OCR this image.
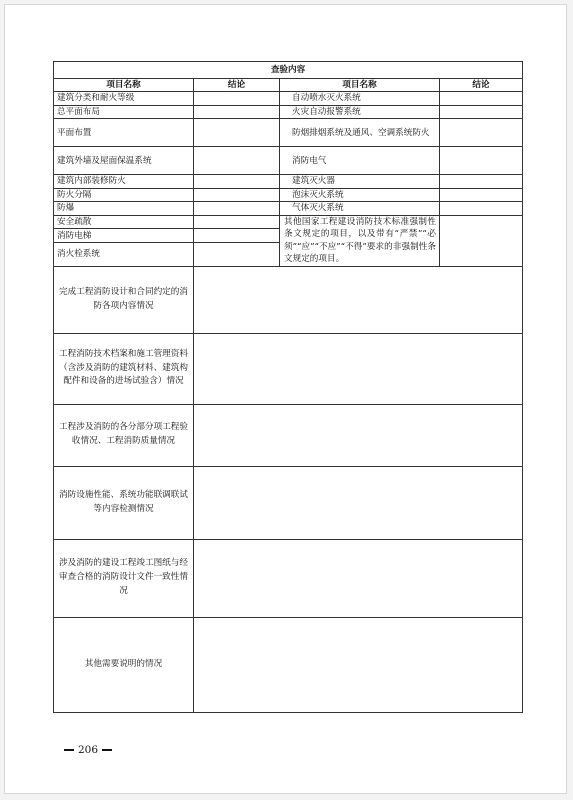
查验内容			
项目名称	结论	项目名称	结论
建筑分类和耐火等级		自动喷水灭火系统	
总平面布局		火灾自动报警系统	
平面布置		防烟排烟系统及通风、空调系统防火	
建筑外墙及屋面保温系统		消防电气	
建筑内部装修防火		建筑灭火器	
防火分隔		泡沫灭火系统	
防爆		气体灭火系统	
安全疏散		其他国家工程建设消防技术标准强制性条文规定的项目，以及带有“严禁”“必须”“应”“不应”“不得”要求的非强制性条文规定的项目。	
消防电梯			
消火栓系统			
完成工程消防设计和合同约定的消防各项内容情况			
工程消防技术档案和施工管理资料（含涉及消防的建筑材料、建筑构配件和设备的进场试验含）情况			
工程涉及消防的各分部分项工程验收情况、工程消防质量情况			
消防设施性能、系统功能联调联试等内容检测情况			
涉及消防的建设工程竣工图纸与经审查合格的消防设计文件一致性情况			
其他需要说明的情况			
206
